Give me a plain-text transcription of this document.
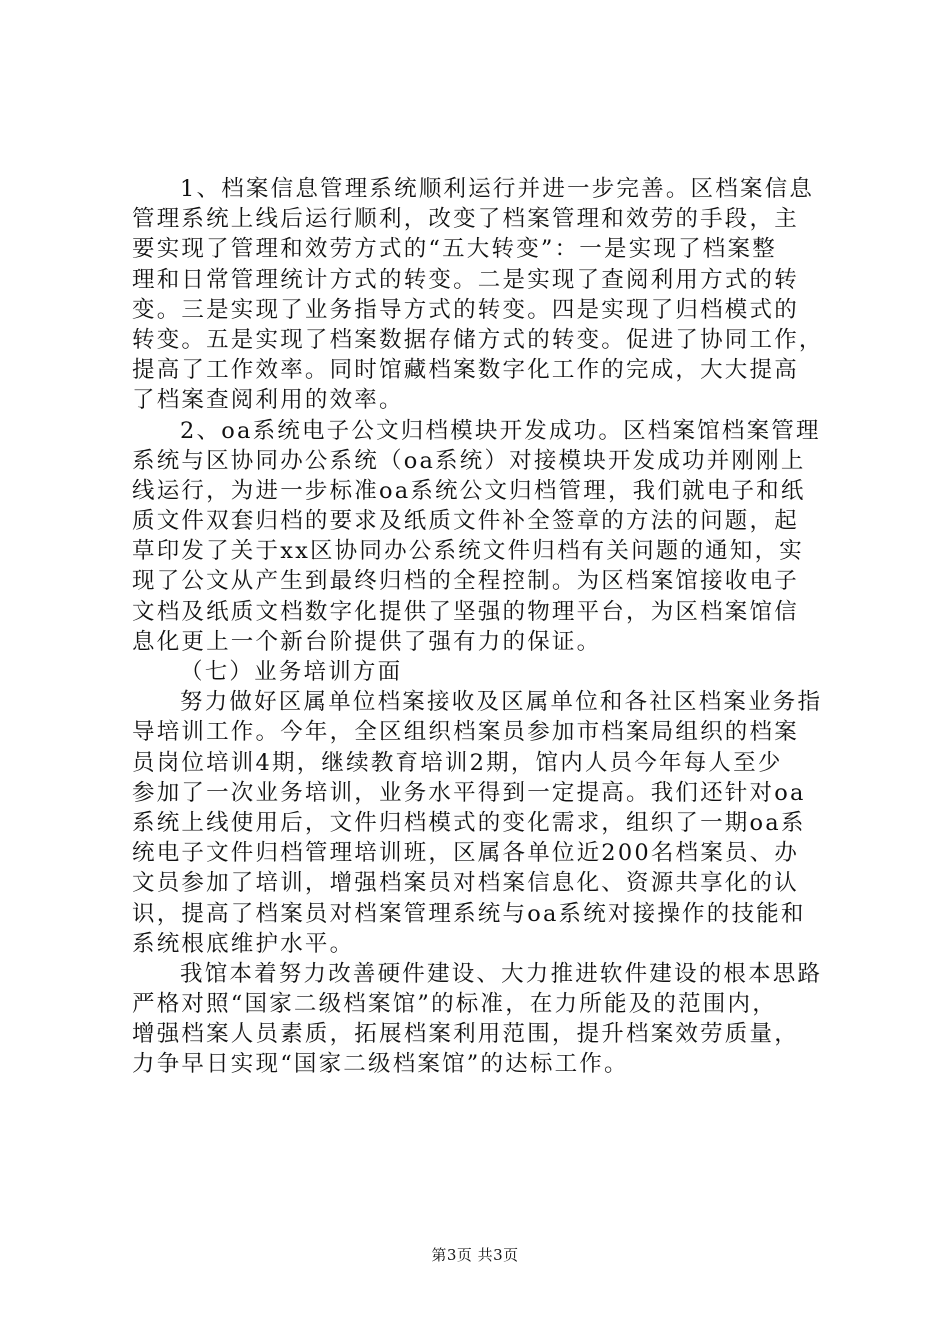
1、档案信息管理系统顺利运行并进一步完善。区档案信息
管理系统上线后运行顺利，改变了档案管理和效劳的手段，主
要实现了管理和效劳方式的“五大转变”：一是实现了档案整
理和日常管理统计方式的转变。二是实现了查阅利用方式的转
变。三是实现了业务指导方式的转变。四是实现了归档模式的
转变。五是实现了档案数据存储方式的转变。促进了协同工作，
提高了工作效率。同时馆藏档案数字化工作的完成，大大提高
了档案查阅利用的效率。
2、oa系统电子公文归档模块开发成功。区档案馆档案管理
系统与区协同办公系统（oa系统）对接模块开发成功并刚刚上
线运行，为进一步标准oa系统公文归档管理，我们就电子和纸
质文件双套归档的要求及纸质文件补全签章的方法的问题，起
草印发了关于xx区协同办公系统文件归档有关问题的通知，实
现了公文从产生到最终归档的全程控制。为区档案馆接收电子
文档及纸质文档数字化提供了坚强的物理平台，为区档案馆信
息化更上一个新台阶提供了强有力的保证。
（七）业务培训方面
努力做好区属单位档案接收及区属单位和各社区档案业务指
导培训工作。今年，全区组织档案员参加市档案局组织的档案
员岗位培训4期，继续教育培训2期，馆内人员今年每人至少
参加了一次业务培训，业务水平得到一定提高。我们还针对oa
系统上线使用后，文件归档模式的变化需求，组织了一期oa系
统电子文件归档管理培训班，区属各单位近200名档案员、办
文员参加了培训，增强档案员对档案信息化、资源共享化的认
识，提高了档案员对档案管理系统与oa系统对接操作的技能和
系统根底维护水平。
我馆本着努力改善硬件建设、大力推进软件建设的根本思路
严格对照“国家二级档案馆”的标准，在力所能及的范围内，
增强档案人员素质，拓展档案利用范围，提升档案效劳质量，
力争早日实现“国家二级档案馆”的达标工作。
第3页 共3页
